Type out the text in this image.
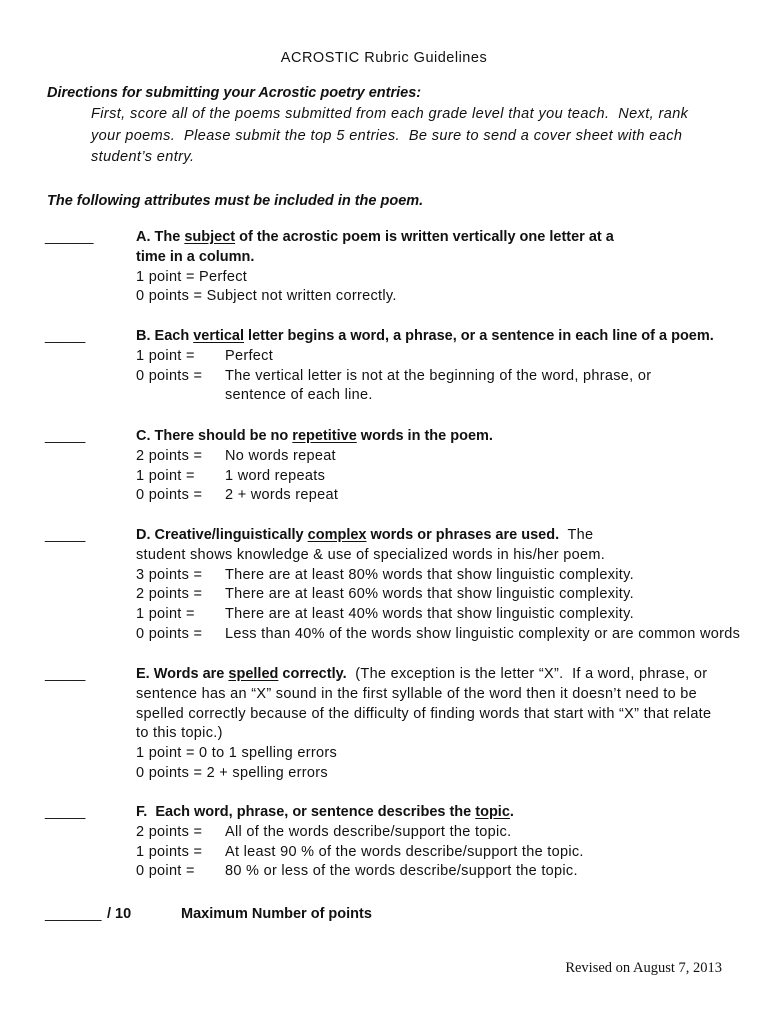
ACROSTIC Rubric Guidelines
Directions for submitting your Acrostic poetry entries:
First, score all of the poems submitted from each grade level that you teach.  Next, rank
your poems.  Please submit the top 5 entries.  Be sure to send a cover sheet with each
student’s entry.
The following attributes must be included in the poem.
______	A. The subject of the acrostic poem is written vertically one letter at a
time in a column.
1 point = Perfect
0 points = Subject not written correctly.
_____	B. Each vertical letter begins a word, a phrase, or a sentence in each line of a poem.
1 point = Perfect
0 points = The vertical letter is not at the beginning of the word, phrase, or
sentence of each line.
_____	C. There should be no repetitive words in the poem.
2 points = No words repeat
1 point = 1 word repeats
0 points = 2 + words repeat
_____	D. Creative/linguistically complex words or phrases are used.  The
student shows knowledge & use of specialized words in his/her poem.
3 points = There are at least 80% words that show linguistic complexity.
2 points = There are at least 60% words that show linguistic complexity.
1 point = There are at least 40% words that show linguistic complexity.
0 points = Less than 40% of the words show linguistic complexity or are common words
_____	E. Words are spelled correctly.  (The exception is the letter “X”.  If a word, phrase, or
sentence has an “X” sound in the first syllable of the word then it doesn’t need to be
spelled correctly because of the difficulty of finding words that start with “X” that relate
to this topic.)
1 point = 0 to 1 spelling errors
0 points = 2 + spelling errors
_____	F.  Each word, phrase, or sentence describes the topic.
2 points = All of the words describe/support the topic.
1 points = At least 90 % of the words describe/support the topic.
0 point = 80 % or less of the words describe/support the topic.
_______ / 10	Maximum Number of points
Revised on August 7, 2013
